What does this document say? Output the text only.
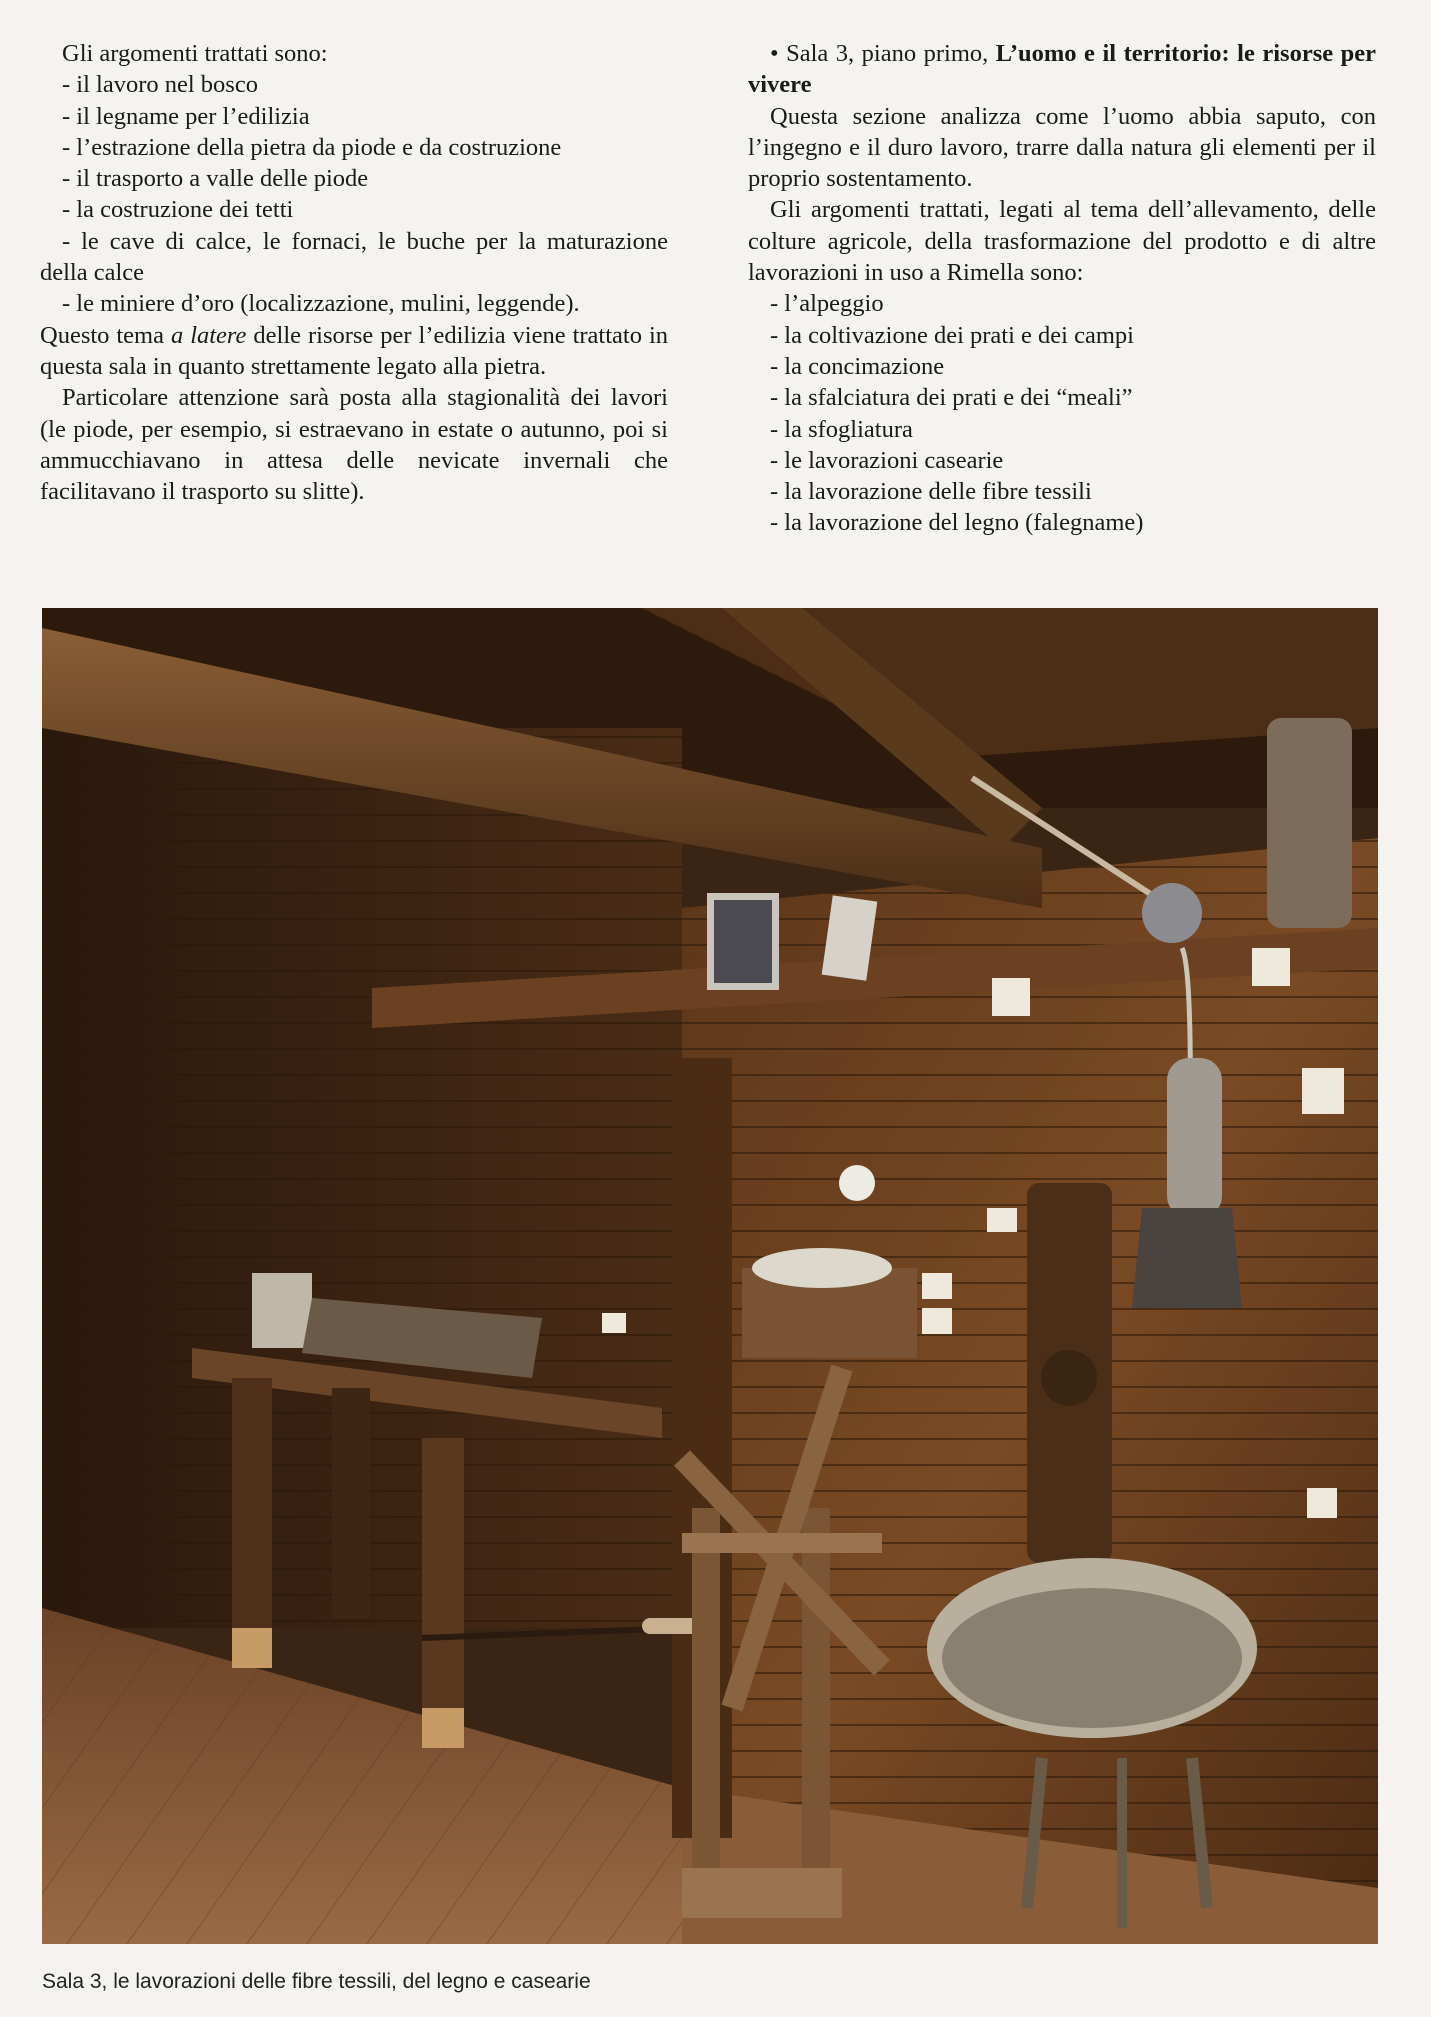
Gli argomenti trattati sono:

- il lavoro nel bosco

- il legname per l’edilizia

- l’estrazione della pietra da piode e da costruzione

- il trasporto a valle delle piode

- la costruzione dei tetti

- le cave di calce, le fornaci, le buche per la maturazione della calce

- le miniere d’oro (localizzazione, mulini, leggende).

Questo tema a latere delle risorse per l’edilizia viene trattato in questa sala in quanto strettamente legato alla pietra.

Particolare attenzione sarà posta alla stagionalità dei lavori (le piode, per esempio, si estraevano in estate o autunno, poi si ammucchiavano in attesa delle nevicate invernali che facilitavano il trasporto su slitte).

• Sala 3, piano primo, L’uomo e il territorio: le risorse per vivere

Questa sezione analizza come l’uomo abbia saputo, con l’ingegno e il duro lavoro, trarre dalla natura gli elementi per il proprio sostentamento.

Gli argomenti trattati, legati al tema dell’allevamento, delle colture agricole, della trasformazione del prodotto e di altre lavorazioni in uso a Rimella sono:

- l’alpeggio

- la coltivazione dei prati e dei campi

- la concimazione

- la sfalciatura dei prati e dei “meali”

- la sfogliatura

- le lavorazioni casearie

- la lavorazione delle fibre tessili

- la lavorazione del legno (falegname)

Sala 3, le lavorazioni delle fibre tessili, del legno e casearie
